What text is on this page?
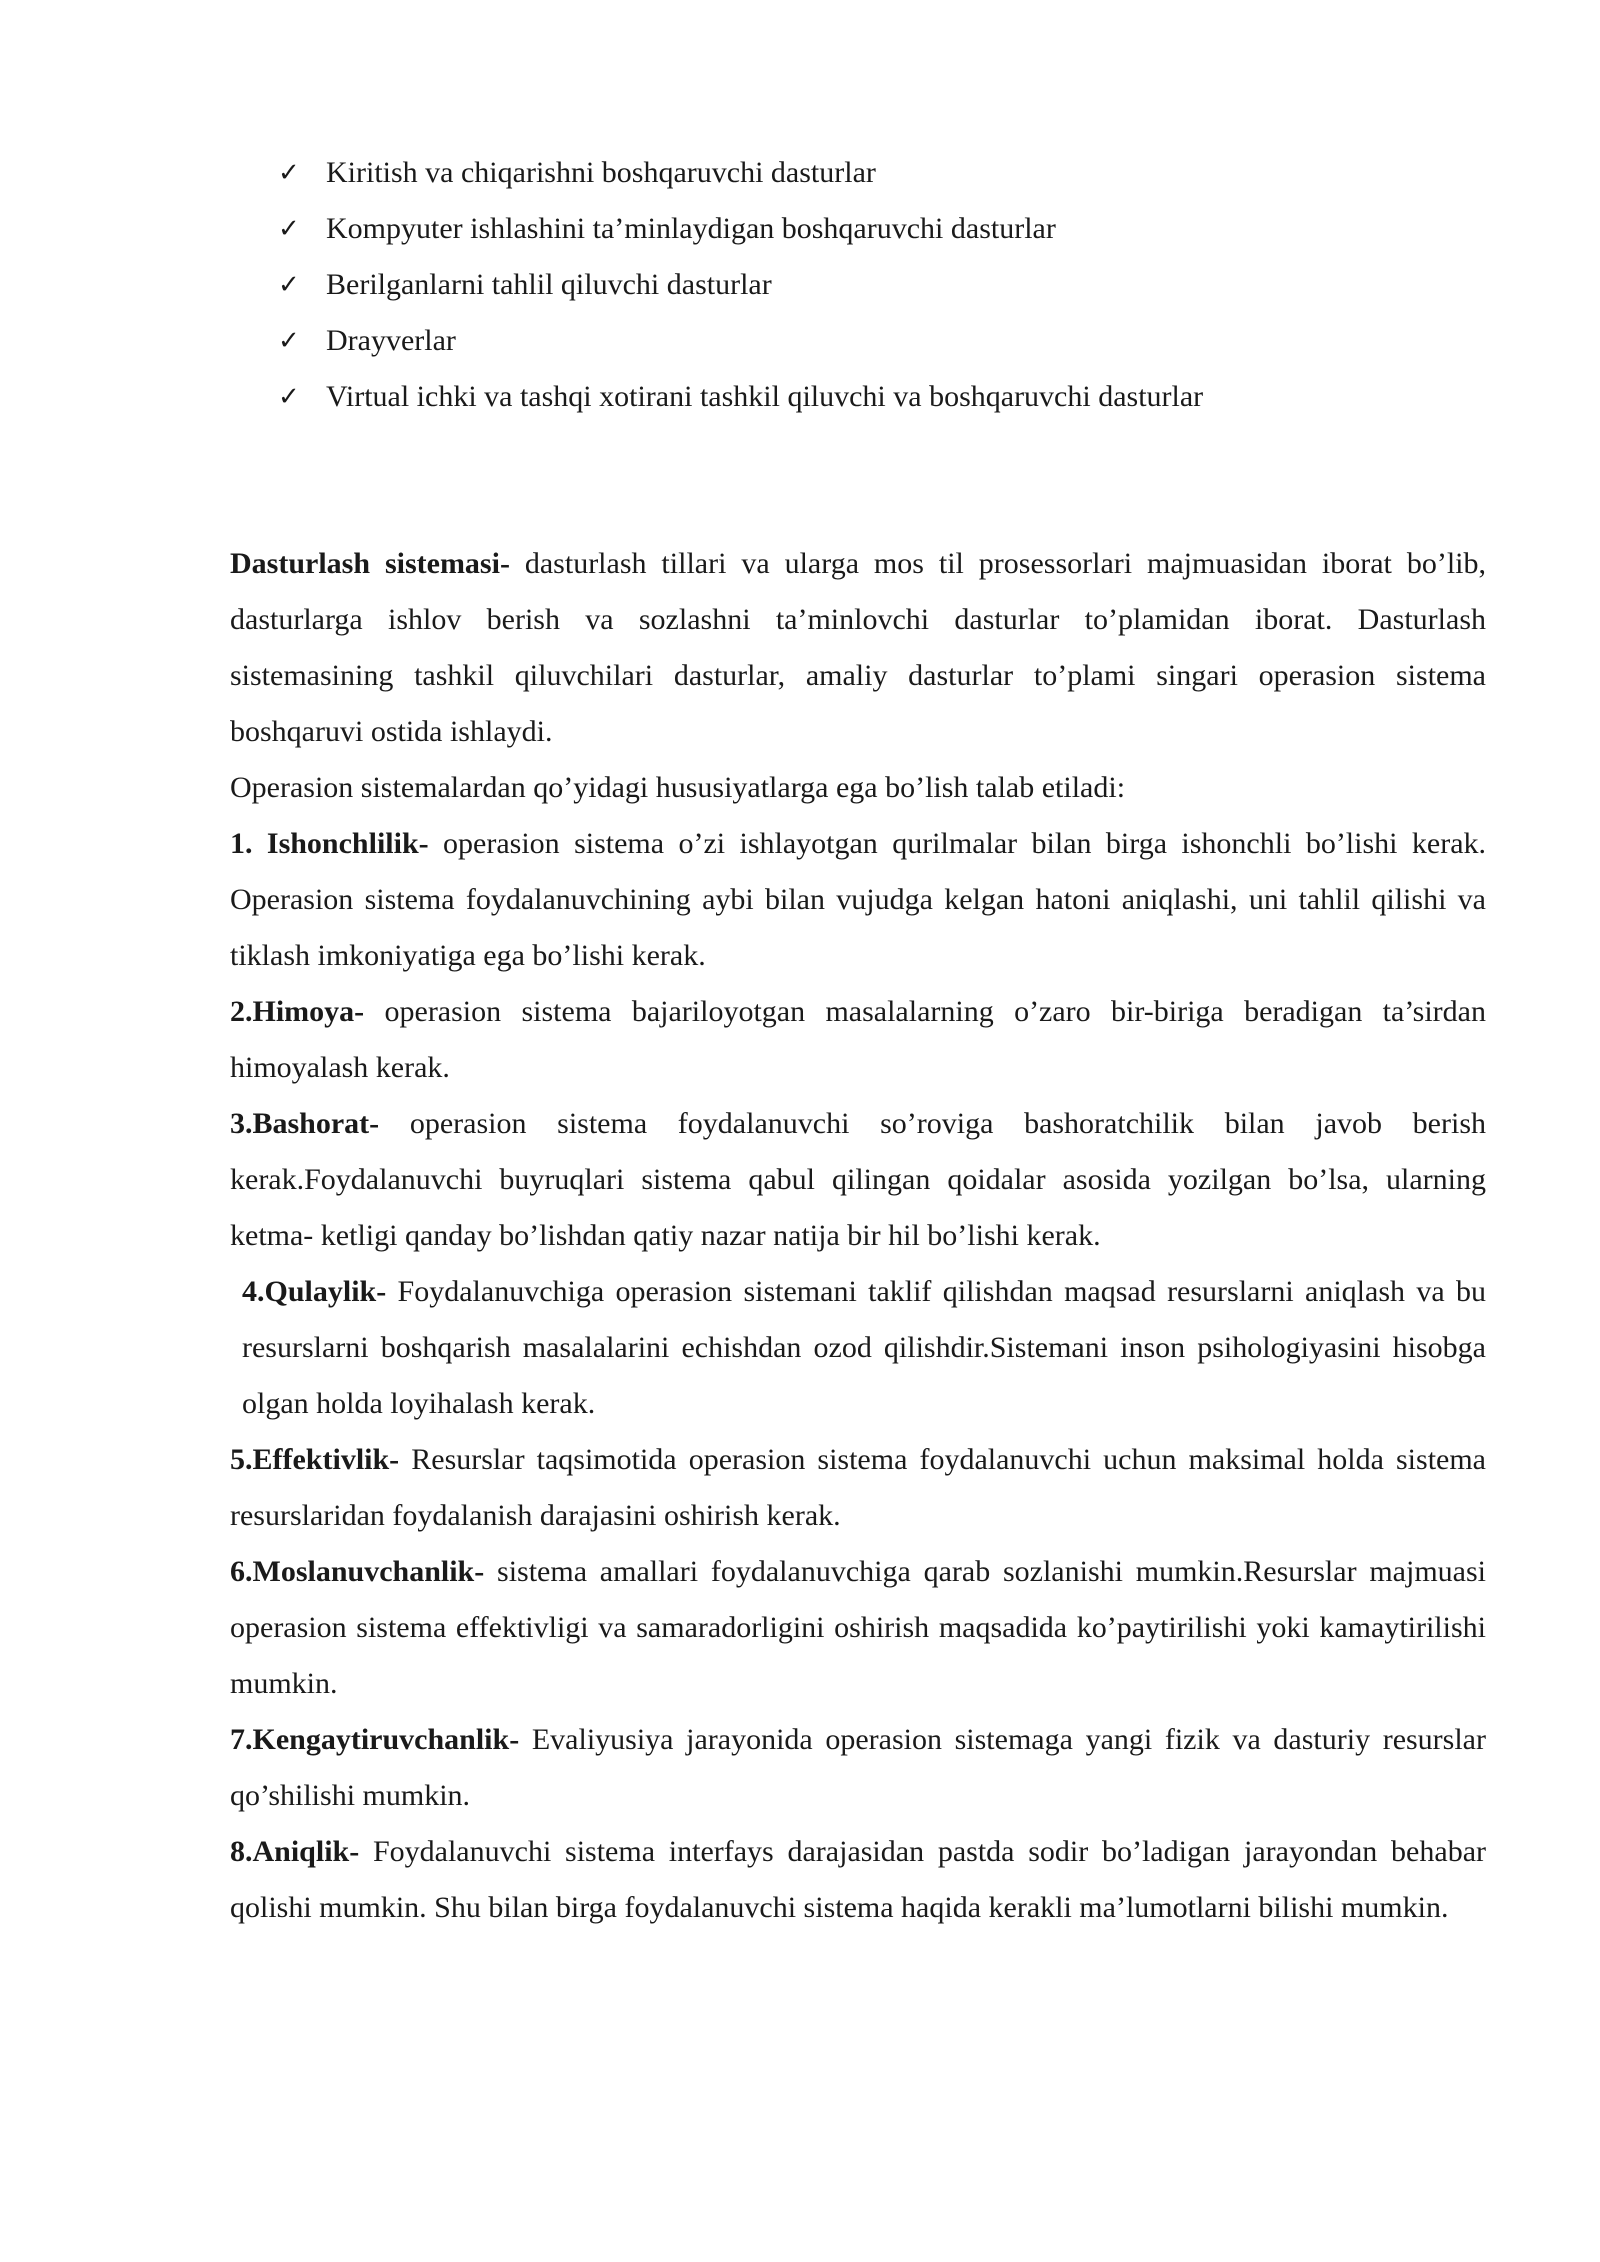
✓ Kiritish va chiqarishni boshqaruvchi dasturlar
✓ Kompyuter ishlashini ta’minlaydigan boshqaruvchi dasturlar
✓ Berilganlarni tahlil qiluvchi dasturlar
✓ Drayverlar
✓ Virtual ichki va tashqi xotirani tashkil qiluvchi va boshqaruvchi dasturlar

Dasturlash sistemasi- dasturlash tillari va ularga mos til prosessorlari majmuasidan iborat bo’lib, dasturlarga ishlov berish va sozlashni ta’minlovchi dasturlar to’plamidan iborat. Dasturlash sistemasining tashkil qiluvchilari dasturlar, amaliy dasturlar to’plami singari operasion sistema boshqaruvi ostida ishlaydi.

Operasion sistemalardan qo’yidagi hususiyatlarga ega bo’lish talab etiladi:

1. Ishonchlilik- operasion sistema o’zi ishlayotgan qurilmalar bilan birga ishonchli bo’lishi kerak. Operasion sistema foydalanuvchining aybi bilan vujudga kelgan hatoni aniqlashi, uni tahlil qilishi va tiklash imkoniyatiga ega bo’lishi kerak.

2.Himoya- operasion sistema bajariloyotgan masalalarning o’zaro bir-biriga beradigan ta’sirdan himoyalash kerak.

3.Bashorat- operasion sistema foydalanuvchi so’roviga bashoratchilik bilan javob berish kerak.Foydalanuvchi buyruqlari sistema qabul qilingan qoidalar asosida yozilgan bo’lsa, ularning ketma- ketligi qanday bo’lishdan qatiy nazar natija bir hil bo’lishi kerak.

4.Qulaylik- Foydalanuvchiga operasion sistemani taklif qilishdan maqsad resurslarni aniqlash va bu resurslarni boshqarish masalalarini echishdan ozod qilishdir.Sistemani inson psihologiyasini hisobga olgan holda loyihalash kerak.

5.Effektivlik- Resurslar taqsimotida operasion sistema foydalanuvchi uchun maksimal holda sistema resurslaridan foydalanish darajasini oshirish kerak.

6.Moslanuvchanlik- sistema amallari foydalanuvchiga qarab sozlanishi mumkin.Resurslar majmuasi operasion sistema effektivligi va samaradorligini oshirish maqsadida ko’paytirilishi yoki kamaytirilishi mumkin.

7.Kengaytiruvchanlik- Evaliyusiya jarayonida operasion sistemaga yangi fizik va dasturiy resurslar qo’shilishi mumkin.

8.Aniqlik- Foydalanuvchi sistema interfays darajasidan pastda sodir bo’ladigan jarayondan behabar qolishi mumkin. Shu bilan birga foydalanuvchi sistema haqida kerakli ma’lumotlarni bilishi mumkin.
